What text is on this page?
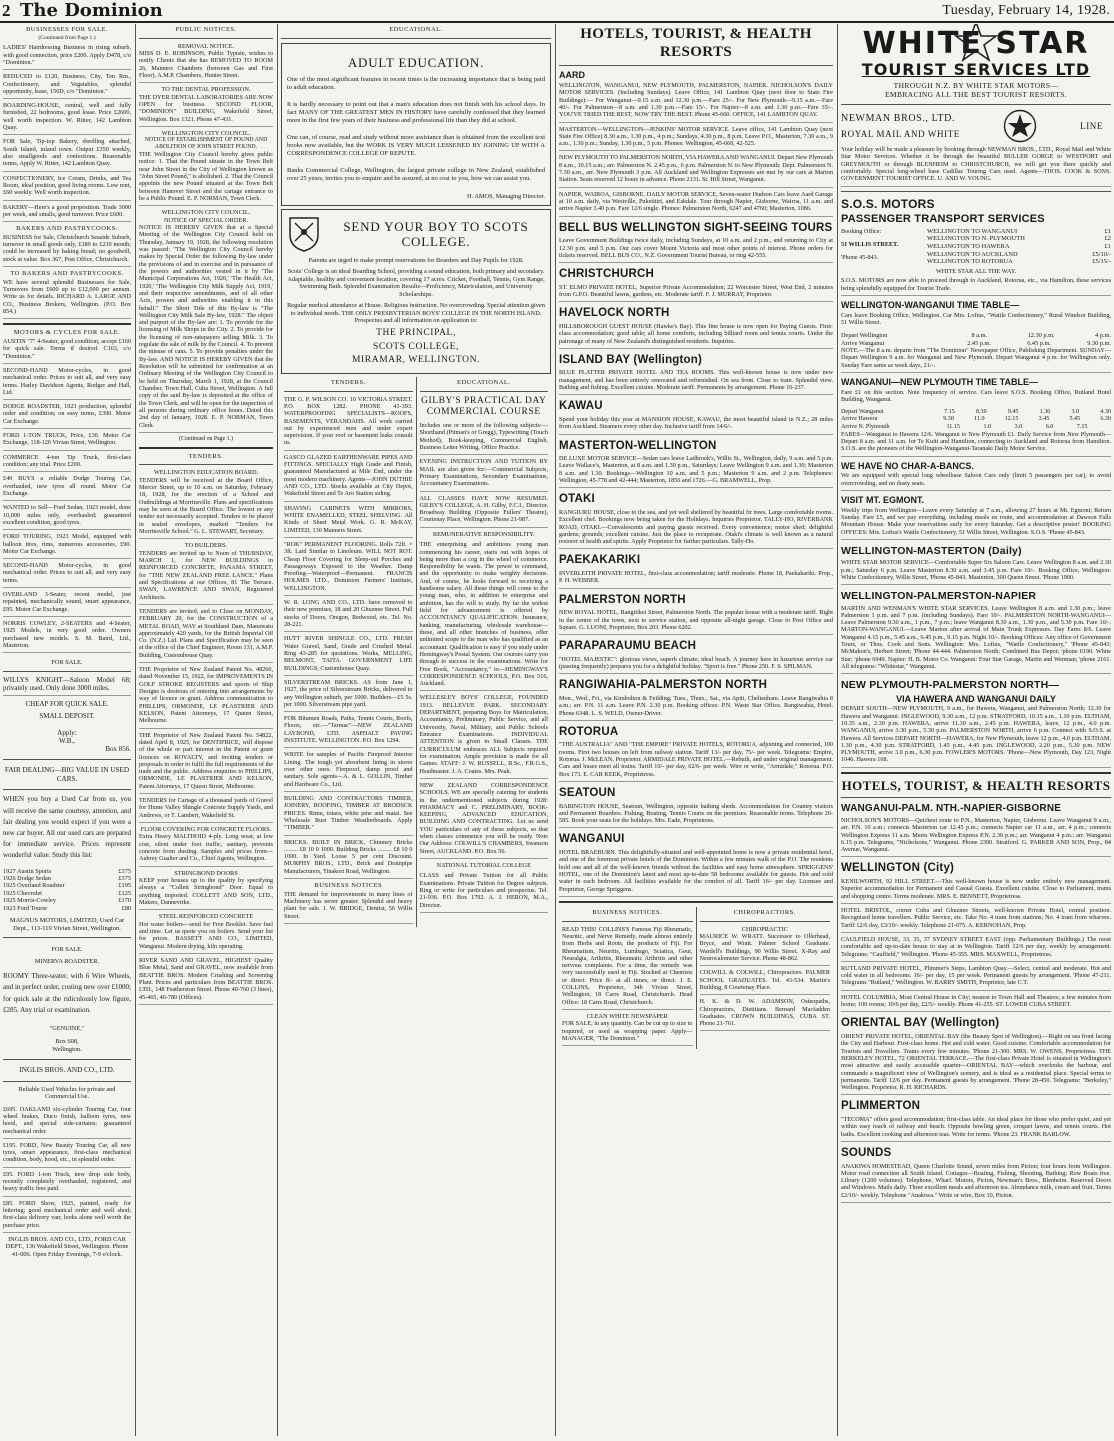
2 The Dominion	Tuesday, February 14, 1928.
BUSINESSES FOR SALE.
(Continued from Page 1.)
LADIES' Hairdressing Business in rising suburb, with good connection, price £200. Apply D478, c/o "Dominion."
REDUCED to £120, Business, City, Ten Rm., Confectionery, and Vegetables, splendid opportunity, lease, 156D, c/o "Dominion."
BOARDING-HOUSE, central, well and fully furnished, 22 bedrooms, good lease. Price £2600, well worth inspection. W. Ritter, 142 Lambton Quay.
FOR Sale, Tip-top Bakery, dwelling attached, South Island, inland town. Output £350 weekly, also smallgoods and confections. Reasonable terms, Apply W. Ritter, 142 Lambton Quay.
CONFECTIONERY, Ice Cream, Drinks, and Tea Room, ideal position, good living rooms. Low rent, £60 weekly. Well worth inspection.
BAKERY—Here's a good proposition. Trade 3000 per week, and smalls, good turnover. Price £600.
BAKERS AND PASTRYCOOKS.
BUSINESS for Sale, Christchurch Seaside Suburb, turnover in small goods only, £180 to £230 month; could be increased by baking bread; no goodwill, stock at value. Box 367, Post Office, Christchurch.
TO BAKERS AND PASTRYCOOKS.
WE have several splendid Businesses for Sale, Turnovers from £600 up to £12,000 per annum. Write us for details. RICHARD A. LARGE AND CO., Business Brokers, Wellington. (P.O. Box 854.)
MOTORS & CYCLES FOR SALE.
AUSTIN "7" 4-Seater, good condition, accept £160 for quick sale. Terms if desired. C163, c/o "Dominion."
SECOND-HAND Motor-cycles, in good mechanical order. Prices to suit all, and very easy terms. Harley Davidson Agents, Rodger and Hall, Ltd.
DODGE ROADSTER, 1923 production, splendid order and condition; on easy terms, £390. Motor Car Exchange.
FORD 1-TON TRUCK, Price, £30. Motor Car Exchange, 118-120 Vivian Street, Wellington.
COMMERCE 4-ton Tip Truck, first-class condition; any trial. Price £200.
£40 BUYS a reliable Dodge Touring Car, overhauled, new tyres all round. Motor Car Exchange.
WANTED to Sell—Ford Sedan, 1923 model, done 10,000 miles only, overhauled; guaranteed excellent condition, good tyres.
FORD TOURING, 1923 Model, equipped with balloon tires, rims, numerous accessories, £90. Motor Car Exchange.
SECOND-HAND Motor-cycles, in good mechanical order. Prices to suit all, and very easy terms.
OVERLAND 3-Seater, recent model, just repainted, mechanically sound, smart appearance, £95. Motor Car Exchange.
NORRIS COWLEY, 2-SEATERS and 4-Seater, 1925 Models, in very good order. Owners purchased new models. S. M. Baird, Ltd., Masterton.
FOR SALE.
WILLYS KNIGHT—Saloon Model 68; privately used. Only done 3000 miles.
CHEAP FOR QUICK SALE.
SMALL DEPOSIT.
Apply:
W.B.,
Box 856.
FAIR DEALING—BIG VALUE IN USED CARS.
WHEN you buy a Used Car from us, you will receive the same courtesy, attention, and fair dealing you would expect if you were a new car buyer. All our used cars are prepared for immediate service. Prices represent wonderful value. Study this list:
1927 Austin Sports	£375
1926 Dodge Sedan	£375
1925 Overland Roadster	£195
1925 Chevrolet	£125
1925 Morris-Cowley	£170
1923 Ford Tourer	£80
MAGNUS MOTORS, LIMITED, Used Car Dept., 113-119 Vivian Street, Wellington.
FOR SALE.
MINERVA ROADSTER.
ROOMY Three-seater, with 6 Wire Wheels, and in perfect order, costing new over £1000; for quick sale at the ridiculously low figure, £285. Any trial or examination.
"GENUINE,"
Box 608,
Wellington.
INGLIS BROS. AND CO., LTD.
Reliable Used Vehicles for private and Commercial Use.
£695. OAKLAND six-cylinder Touring Car, four wheel brakes, Duco finish, balloon tyres, new hood, and special side-curtains; guaranteed mechanical order.
£195. FORD, New Beauty Touring Car, all new tyres, smart appearance, first-class mechanical condition, body, hood, etc., in splendid order.
£95. FORD 1-ton Truck, new drop side body, recently completely overhauled, registered, and heavy traffic fees paid.
£85. FORD Show, 1925, painted, ready for lettering; good mechanical order and well shod; first-class delivery van; looks alone well worth the purchase price.
INGLIS BROS. AND CO., LTD., FORD CAR DEPT., 136 Wakefield Street, Wellington. Phone 41-006. Open Friday Evenings, 7-9 o'clock.
PUBLIC NOTICES.
REMOVAL NOTICE.
MISS D. E. ROBINSON, Public Typiste, wishes to notify Clients that she has REMOVED TO ROOM 26, Manners Chambers (between Gas and First Floor), A.M.P. Chambers, Hunter Street.
TO THE DENTAL PROFESSION.
THE DYER DENTAL LABORATORIES ARE NOW OPEN for business. SECOND FLOOR, "DOMINION" BUILDING, Wakefield Street, Wellington. Box 1321. Phone 47-431.
WELLINGTON CITY COUNCIL.
NOTICE OF ESTABLISHMENT OF POUND AND ABOLITION OF JOHN STREET POUND.
THE Wellington City Council hereby gives public notice: 1. That the Pound situate in the Town Belt near John Street in the City of Wellington known as "John Street Pound," is abolished. 2. That the Council appoints the new Pound situated at the Town Belt between Hanover Street and the cartage entrance to be a Public Pound. E. P. NORMAN, Town Clerk.
WELLINGTON CITY COUNCIL.
NOTICE OF SPECIAL ORDER.
NOTICE IS HEREBY GIVEN that at a Special Meeting of the Wellington City Council held on Thursday, January 19, 1928, the following resolution was passed: "The Wellington City Council hereby makes by Special Order the following By-law under the provisions of and in exercise and in pursuance of the powers and authorities vested in it by 'The Municipal Corporations Act, 1920,' 'The Health Act, 1920,' 'The Wellington City Milk Supply Act, 1919,' and their respective amendments, and of all other Acts, powers and authorities enabling it in this behalf." The Short Title of this By-law is "The Wellington City Milk Sale By-law, 1928." The object and purport of the By-law are: 1. To provide for the licensing of Milk Shops in the City. 2. To provide for the licensing of non-ratepayers selling Milk. 3. To regulate the sale of milk by the Council. 4. To prevent the misuse of cans. 5. To provide penalties under the By-law. AND NOTICE IS HEREBY GIVEN that the Resolution will be submitted for confirmation at an Ordinary Meeting of the Wellington City Council to be held on Thursday, March 1, 1928, at the Council Chamber, Town Hall, Cuba Street, Wellington. A full copy of the said By-law is deposited at the office of the Town Clerk, and will be open for the inspection of all persons during ordinary office hours. Dated this 2nd day of January, 1928. E. P. NORMAN, Town Clerk.
(Continued on Page 1.)
TENDERS.
WELLINGTON EDUCATION BOARD.
TENDERS will be received at the Board Office, Mercer Street, up to 10 a.m. on Saturday, February 18, 1928, for the erection of a School and Outbuildings at Morrinsville. Plans and specifications may be seen at the Board Office. The lowest or any tender not necessarily accepted. Tenders to be placed in sealed envelopes, marked "Tenders for Morrinsville School." G. L. STEWART, Secretary.
TO BUILDERS.
TENDERS are invited up to Noon of THURSDAY, MARCH 1, for NEW BUILDINGS in REINFORCED CONCRETE, PANAMA STREET, for "THE NEW ZEALAND FREE LANCE." Plans and Specifications at our Offices, 81 The Terrace. SWAN, LAWRENCE AND SWAN, Registered Architects.
TENDERS are invited, and to Close on MONDAY, FEBRUARY 20, for the CONSTRUCTION of a METAL ROAD, WAY at Southland Dam, Manawatu approximately 420 yards, for the British Imperial Oil Co. (N.Z.) Ltd. Plans and Specification may be seen at the office of the Chief Engineer, Room 131, A.M.P. Building, Customhouse Quay.
THE Proprietor of New Zealand Patent No. 48260, dated November 15, 1922, for IMPROVEMENTS IN GOLF STROKE REGISTERS and sports of Ship Designs is desirous of entering into arrangements by way of licence or grant. Address communication to PHILLIPS, ORMONDE, LE PLASTRIER AND KELSON, Patent Attorneys, 17 Queen Street, Melbourne.
THE Proprietor of New Zealand Patent No. 54822, dated April 8, 1925, for DENTIFRICE, will dispose of the whole or part interest in the Patent or grant licences on ROYALTY, and inviting tenders or proposals in order to fulfil the full requirements of the trade and the public. Address enquiries to PHILLIPS, ORMONDE, LE PLASTRIER AND KELSON, Patent Attorneys, 17 Queen Street, Melbourne.
TENDERS for Cartage of a thousand yards of Gravel for Hume Valley Shingle Concrete Supply Yards, and Andrews, or T. Lambert, Wakefield St.
FLOOR COVERING FOR CONCRETE FLOORS.
Extra Heavy MALTHOID 4-ply. Long wear, at low cost, silent under foot traffic, sanitary, prevents concrete from dusting. Samples and prices from—Aubrey Gualter and Co., Chief Agents, Wellington.
STRINGBOND DOORS
KEEP your houses up to the quality by specifying always a "Collett Stringbond" Door. Equal to anything imported. COLLETT AND SON, LTD., Makers, Dannevirke.
STEEL REINFORCED CONCRETE
Hot water boilers—send for Free Booklet. Save fuel and time. Let us quote you on boilers. Send your list for prices. BASSETT AND CO., LIMITED, Wanganui. Modern drying, kiln operating.
RIVER SAND AND GRAVEL, HIGHEST Quality Blue Metal, Sand and GRAVEL, now available from BEATTIE BROS. Modern Crushing and Screening Plant. Prices and particulars from BEATTIE BROS. LTD., 148 Featherston Street. Phone 40-760 (3 lines), 45-465, 46-780 (Offices).
EDUCATIONAL.
ADULT EDUCATION.

One of the most significant features in recent times is the increasing importance that is being paid to adult education.

It is hardly necessary to point out that a man's education does not finish with his school days. In fact MANY OF THE GREATEST MEN IN HISTORY have carefully confessed that they learned more in the first few years of their business and professional life than they did at school.

One can, of course, read and study without more assistance than is obtained from the excellent text books now available, but the WORK IS VERY MUCH LESSENED BY JOINING UP WITH A CORRESPONDENCE COLLEGE OF REPUTE.

Banks Commercial College, Wellington, the largest private college in New Zealand, established over 25 years, invites you to enquire and be assured, at no cost to you, how we can assist you.

H. AMOS, Managing Director.
SEND YOUR BOY TO SCOTS COLLEGE.
Parents are urged to make prompt reservations for Boarders and Day Pupils for 1928.
Scots' College is an ideal Boarding School, providing a sound education, both primary and secondary. Adaptable, healthy and convenient location, covering 17 acres. Cricket, Football, Tennis, Gym Range, Swimming Bath. Splendid Examination Results—Proficiency, Matriculation, and University Scholarships.
Regular medical attendance at House. Religious instruction. No overcrowding. Special attention given to individual needs. THE ONLY PRESBYTERIAN BOYS' COLLEGE IN THE NORTH ISLAND. Prospectus and all information on application to:
THE PRINCIPAL,
SCOTS COLLEGE,
MIRAMAR, WELLINGTON.
TENDERS.
THE G. P. WILSON CO. 10 VICTORIA STREET. P.O. BOX 1282. PHONE 41-393. WATERPROOFING SPECIALISTS—ROOFS, BASEMENTS, VERANDAHS. All work carried out by experienced men and under expert supervision. If your roof or basement leaks consult us.
GASCO GLAZED EARTHENWARE PIPES AND FITTINGS. SPECIALLY High Grade and Finish, guaranteed Manufactured at Mile End, under the most modern machinery. Agents—JOHN DUTHIE AND CO., LTD. Stocks available at City Depot, Wakefield Street and Te Aro Station siding.
SHAVING CABINETS WITH MIRRORS, WHITE ENAMELLED, STEEL SHELVING. All Kinds of Sheet Metal Work. G. R. McKAY, LIMITED, 130 Manners Street.
"ROK" PERMANENT FLOORING. Rolls 72ft. × 3ft. Laid Similar to Linoleum. WILL NOT ROT. Cheap Floor Covering for Sleep-out Porches and Passageways Exposed to the Weather. Damp Proofing—Waterproof—Permanent. FRANCIS HOLMES LTD., Dominion Farmers' Institute, WELLINGTON.
W. R. LONG AND CO., LTD. have removed to their new premises, 18 and 20 Ghuznee Street. Full stocks of Doors, Oregon, Redwood, etc. Tel. No. 28-221.
HUTT RIVER SHINGLE CO., LTD. FRESH Water Gravel, Sand, Grade and Crushed Metal. Ring 43-285 for quotations. Works, MELLING, BELMONT, TAITA. GOVERNMENT LIFE BUILDINGS, Customhouse Quay.
SILVERSTREAM BRICKS. AS from June 1, 1927, the price of Silverstream Bricks, delivered to any Wellington suburb, per 1000. Builders—£5 5s. per 1000. Silverstream pipe yard.
FOR Bitumen Roads, Paths, Tennis Courts, Roofs, Floors, etc.—"Tarmac"—NEW ZEALAND LAYBOND, LTD. ASPHALT PAVING INSTITUTE. WELLINGTON. P.O. Box 1294.
WRITE for samples of Pacific Fireproof Interior Lining. The tough yet absorbent lining in stores over other ones. Fireproof, damp proof and sanitary. Sole agents—A. & L. GOLLIN, Timber and Hardware Co., Ltd.
BUILDING AND CONTRACTORS TIMBER, JOINERY, ROOFING, TIMBER AT BRODSCK PRICES. Rimu, totara, white pine and matai. See Wholesale Rust Timber Weatherboards. Apply "TIMBER."
BRICKS. BUILT IN BRICK. Chimney Bricks ......... £8 10 0 1000. Building Bricks ......... £8 10 0 1000. In Yard. Loose 5 per cent Discount. MURPHY BROS., LTD., Brick and Drainpipe Manufacturers, Tinakori Road, Wellington.
BUSINESS NOTICES
THE demand for improvements in many lines of Machinery has never greater. Splendid and heavy plant for sale. J. W. BRIDGE, Dentist, 56 Willis Street.
EDUCATIONAL.
GILBY'S PRACTICAL DAY COMMERCIAL COURSE
Includes one or more of the following subjects:—Shorthand (Pitman's or Gregg), Typewriting (Touch Method), Book-keeping, Commercial English, Business Letter Writing, Office Practice.
EVENING INSTRUCTION AND TUITION BY MAIL are also given for:—Commercial Subjects, Primary Examinations, Secondary Examinations, Accountancy Examinations.
ALL CLASSES HAVE NOW RESUMED. GILBY'S COLLEGE, A. H. Gilby, F.C.I., Director. Broadway Building (Opposite Fullers' Theatre), Courtenay Place, Wellington. Phone 21-987.
REMUNERATIVE RESPONSIBILITY.
THE enterprising and ambitious young man commencing his career, starts out with hopes of being more than a cog in the wheel of commerce. Responsibility he wants. The power to command, and the opportunity to make weighty decisions. And, of course, he looks forward to receiving a handsome salary. All these things will come to the young man, who, in addition to enterprise and ambition, has the will to study. By far the widest field for advancement is offered by ACCOUNTANCY QUALIFICATION. Insurance, banking, manufacturing, wholesale warehouse—these, and all other branches of business, offer unlimited scope to the man who has qualified as an accountant. Qualification is easy if you study under Hemingway's Postal System. Our courses carry you through to success in the examinations. Write for Free Book, "Accountancy," to—HEMINGWAY'S CORRESPONDENCE SCHOOLS, P.O. Box 516, Auckland.
WELLESLEY BOYS' COLLEGE, FOUNDED 1913. BELLEVUE PARK. SECONDARY DEPARTMENT, preparing Boys for Matriculation, Accountancy, Preliminary, Public Service, and all University, Naval, Military, and Public Schools Entrance Examinations. INDIVIDUAL ATTENTION is given in Small Classes. THE CURRICULUM embraces ALL Subjects required for examination. Ample provision is made for all Games. STAFF: J. W. RUSSELL, B.Sc., F.R.G.S., Headmaster. J. A. Coates. Mrs. Peak.
NEW ZEALAND CORRESPONDENCE SCHOOLS. WE are specially catering for students in the undermentioned subjects during 1928: PHARMACY and C. PRELIMINARY, BOOK-KEEPING, ADVANCED EDUCATION, BUILDING AND CONTRACTING. Let us send YOU particulars of any of these subjects, so that when classes commence you will be ready. Note Our Address: COLWILL'S CHAMBERS, Swanson Street, AUCKLAND. P.O. Box 56.
NATIONAL TUTORIAL COLLEGE
CLASS and Private Tuition for all Public Examinations. Private Tuition for Degree subjects. Ring or write for particulars and prospectus. Tel. 21-936. P.O. Box 1792. A. J. HERON, M.A., Director.
HOTELS, TOURIST, & HEALTH RESORTS
AARD
WELLINGTON, WANGANUI, NEW PLYMOUTH, PALMERSTON, NAPIER. NICHOLSON'S DAILY MOTOR SERVICES. (Including Sundays). Leave Office, 141 Lambton Quay (next door to State Fire Buildings):— For Wanganui—9.15 a.m. and 12.30 p.m.—Fare 25/-. For New Plymouth—9.15 a.m.—Fare 40/-. For Palmerston—8 a.m. and 1.30 p.m.—Fare 15/-. For Napier—8 a.m. and 1.30 p.m.—Fare 35/-. YOU'VE TRIED THE REST, NOW TRY THE BEST. Phone 45-660. OFFICE, 141 LAMBTON QUAY.
MASTERTON—WELLINGTON—JENKINS' MOTOR SERVICE. Leave office, 141 Lambton Quay (next State Fire Office) 8.30 a.m., 1.30 p.m., 4 p.m.; Sundays, 4.30 p.m., 8 p.m. Leave P.O., Masterton, 7.30 a.m., 9 a.m., 1.30 p.m.; Sunday, 1.30 p.m., 5 p.m. Phones: Wellington, 45-660, 42-525.
NEW PLYMOUTH TO PALMERSTON NORTH, VIA HAWERA AND WANGANUI. Depart New Plymouth 8 a.m., 10.15 a.m.; arr. Palmerston N. 2.45 p.m., 6 p.m. Palmerston N. to New Plymouth: Dept. Palmerston N. 7.30 a.m., arr. New Plymouth 3 p.m. All Auckland and Wellington Expresses are met by our cars at Marton Station. Seats reserved 12 hours in advance. Phone 2131. St. Hill Street, Wanganui.
NAPIER, WAIROA, GISBORNE. DAILY MOTOR SERVICE, Seven-seater Hudson Cars leave Aard Garage at 10 a.m. daily, via Westville, Puketitiri, and Eskdale. Tour through Napier, Gisborne, Wairoa, 11 a.m. and arrive Napier 3.40 p.m. Fare 12/6 single. Phones: Palmerston North, 6247 and 4760; Masterton, 1086.
BELL BUS WELLINGTON SIGHT-SEEING TOURS
Leave Government Buildings twice daily, including Sundays, at 10 a.m. and 2 p.m., and returning to City at 12.30 p.m. and 5 p.m. Our cars cover Mount Victoria and most other points of interest. Phone orders for tickets reserved. BELL BUS CO., N.Z. Government Tourist Bureau, or ring 42-555.
CHRISTCHURCH
ST. ELMO PRIVATE HOTEL, Superior Private Accommodation; 22 Worcester Street, West End, 2 minutes from G.P.O. Beautiful lawns, gardens, etc. Moderate tariff. F. J. MURRAY, Proprietor.
HAVELOCK NORTH
HILLSBOROUGH GUEST HOUSE (Hawke's Bay). This fine house is now open for Paying Guests. First-class accommodation; good table; all home comforts, including billiard room and tennis courts. Under the patronage of many of New Zealand's distinguished residents. Inquiries.
ISLAND BAY (Wellington)
BLUE PLATTER PRIVATE HOTEL AND TEA ROOMS. This well-known house is now under new management, and has been entirely renovated and refurnished. On sea front. Close to tram. Splendid view. Bathing and fishing. Excellent cuisine. Moderate tariff. Permanents by arrangement. Phone 16-237.
KAWAU
Spend your holiday this year at MANSION HOUSE, KAWAU, the most beautiful island in N.Z.; 28 miles from Auckland. Steamers every other day. Inclusive tariff from 14/6/-.
MASTERTON-WELLINGTON
DE LUXE MOTOR SERVICE—Sedan cars leave Ladbrook's, Willis St., Wellington, daily, 9 a.m. and 5 p.m. Leave Wallace's, Masterton, at 8 a.m. and 1.30 p.m., Saturdays; Leave Wellington 9 a.m. and 1.30; Masterton 8 a.m. and 1.30. Bookings—Wellington 10 a.m. and 5 p.m.; Masterton 9 a.m. and 2 p.m. Telephones: Wellington, 45-778 and 42-444; Masterton, 1856 and 1726.—G. BRAMWELL, Prop.
OTAKI
RANGIURU HOUSE, close to the sea, and yet well sheltered by beautiful fir trees. Large comfortable rooms. Excellent chef. Bookings now being taken for the Holidays. Inquiries Proprietor. TALLY-HO, RIVERBANK ROAD, OTAKI.—Convalescents and paying guests received. Every convenience; motor shed; delightful gardens; grounds; excellent cuisine. Just the place to recuperate. Otaki's climate is well known as a natural restorer of health and spirits. Apply Proprietor for further particulars. Tally-Ho.
PAEKAKARIKI
INVERLEITH PRIVATE HOTEL, first-class accommodation; tariff moderate. Phone 18, Paekakariki. Prop., P. H. WEBBER.
PALMERSTON NORTH
NEW ROYAL HOTEL, Rangitikei Street, Palmerston North. The popular house with a moderate tariff. Right in the centre of the town, next to service station, and opposite all-night garage. Close to Post Office and Square. G. LUONI, Proprietor, Box 203. Phone 6202.
PARAPARAUMU BEACH
"HOTEL MAJESTIC": glorious views, superb climate; ideal beach. A journey here in luxurious service car (passing frequently) prepares you for a delightful holiday. "Sport is free." Phone 250. F. S. SPILMAN.
RANGIWAHIA-PALMERSTON NORTH
Mon., Wed., Fri., via Kimbolton & Feilding; Tues., Thurs., Sat., via Apiti, Cheltenham. Leave Rangiwahia 8 a.m.; arr. P.N. 11 a.m. Leave P.N. 2.30 p.m. Booking offices: P.N. Waste Star Office. Rangiwahia, Hotel. Phone 6348. L. S. WELD, Owner-Driver.
ROTORUA
"THE AUSTRALIA" AND "THE EMPIRE" PRIVATE HOTELS, ROTORUA, adjoining and connected, 100 rooms. First two houses on left from railway station. Tariff 13/- per day, 75/- per week. Telegrams: Empire, Rotorua. J. McLEAN, Proprietor. ARMIDALE PRIVATE HOTEL.—Rebuilt, and under original management. Cars and buses meet all trains. Tariff 10/- per day, 62/6- per week. Wire or write, "Armidale," Rotorua. P.O. Box 173. E. CAR KEEK, Proprietress.
SEATOUN
BABINGTON HOUSE, Seatoun, Wellington, opposite bathing sheds. Accommodation for Country visitors and Permanent Boarders. Fishing, Boating, Tennis Courts on the premises. Reasonable terms. Telephone 26-585. Book your seats for the holidays. Mrs. Eade, Proprietress.
WANGANUI
HOTEL BRAEBURN. This delightfully-situated and well-appointed home is now a private residential hotel, and one of the foremost private hotels of the Dominion. Within a few minutes walk of the P.O. The residents hold one and all of the well-known friends without the facilities and easy home atmosphere. SPRIGGENS' HOTEL, one of the Dominion's latest and most up-to-date 58 bedrooms available for guests. Hot and cold water in each bedroom. All facilities available for the comfort of all. Tariff 16/- per day. Licensee and Proprietor, George Spriggens.
BUSINESS NOTICES.
READ THIS! COLLINS'S Famous Fiji Rheumatic, Neuritic, and Nerve Remedy, made almost entirely from Herbs and Roots, the products of Fiji. For Rheumatism, Neuritis, Lumbago, Sciatica, Gout, Neuralgia, Arthritis, Rheumatic Arthritis and other nervous complaints. For a time, the remedy was very successfully used in Fiji. Stocked at Chemists or direct. Price 8/- at all times, or direct. J. E. COLLINS, Proprietor, 34b Vivian Street, Wellington, 18 Carrs Road, Christchurch. Head Office: 18 Carrs Road, Christchurch.
CLEAN WHITE NEWSPAPER
FOR SALE, in any quantity. Can be cut up to size to required, or used as wrapping paper. Apply— MANAGER, "The Dominion."
CHIROPRACTORS.
CHIROPRACTIC
MAURICE W. WRATT. Successor to Ollerhead, Bryce, and Wratt. Palmer School Graduate. Wardell's Buildings, 90 Willis Street. X-Ray and Neurocalometer Service. Phone 48-862.
COLWILL & COLWILL, Chiropractors. PALMER SCHOOL GRADUATES. Tel. 43-534. Martin's Building, 8 Courtenay Place.
H. K. & D. W. ADAMSON, Osteopaths, Chiropractors, Dietitians. Bernard Macfadden Graduates. CROWN BUILDINGS, CUBA ST. Phone 21-761.
WHITE STAR
TOURIST SERVICES LTD
THROUGH N.Z. BY WHITE STAR MOTORS—
EMBRACING ALL THE BEST TOURIST RESORTS.
NEWMAN BROS., LTD.
ROYAL MAIL AND WHITE
LINE
Your holiday will be made a pleasure by booking through NEWMAN BROS., LTD., Royal Mail and White Star Motor Services. Whether it be through the beautiful BULLER GORGE to WESTPORT and GREYMOUTH or through BLENHEIM to CHRISTCHURCH, we will get you there quickly and comfortably. Special long-wheel base Cadillac Touring Cars used. Agents—THOS. COOK & SONS. GOVERNMENT TOURIST OFFICE. U. AND W. YOUNG.
S.O.S. MOTORS
PASSENGER TRANSPORT SERVICES
Booking Office:
51 WILLIS STREET.
'Phone 45-843.
WELLINGTON TO WANGANUI	£1
WELLINGTON TO N. PLYMOUTH	£2
WELLINGTON TO HAWERA	£1
WELLINGTON TO AUCKLAND	£5/10/-
WELLINGTON TO ROTORUA	£5/15/-
WHITE STAR ALL THE WAY.
S.O.S. MOTORS are now able to proceed through to Auckland, Rotorua, etc., via Hamilton, these services being splendidly equipped for Tourist Trade.
WELLINGTON-WANGANUI TIME TABLE—
Cars leave Booking Office, Wellington. Car Mrs. Loftus, "Wattle Confectionery," Rural Windsor Building, 51 Willis Street.
Depart Wellington	8 a.m.	12.30 p.m.	4 p.m.
Arrive Wanganui	2.45 p.m.	6.45 p.m.	9.30 p.m.
NOTE.—The 8 a.m. departs from "The Dominion" Newspaper Office, Publishing Department. SUNDAY—Depart Wellington 9 a.m. for Wanganui and New Plymouth. Depart Wanganui 4 p.m. for Wellington only. Sunday Fare same as week days, 21/-.
WANGANUI—NEW PLYMOUTH TIME TABLE—
Fare £1 on this section. Note frequency of service. Cars leave S.O.S. Booking Office, Rutland Hotel Building, Wanganui.
Depart Wanganui	7.15	8.30	9.45	1.30	3.0	4.30
Arrive Hawera	9.30	11.0	12.15	3.45	5.45	6.30
Arrive N. Plymouth	11.15	1.0	3.0	6.0	7.15
FARES—Wanganui to Hawera 12/6. Wanganui to New Plymouth £1. Daily Service from New Plymouth—Depart 8 a.m. and 11 a.m. for Te Kuiti and Hamilton, connecting to Auckland and Rotorua from Hamilton. S.O.S. are the pioneers of the Wellington-Wanganui-Taranaki Daily Motor Service.
WE HAVE NO CHAR-A-BANCS.
We are equipped with special long wheelbase Saloon Cars only (limit 5 passengers per car), to avoid overcrowding, and no dusty seats.
VISIT MT. EGMONT.
Weekly trips from Wellington—Leave every Saturday at 7 a.m., allowing 27 hours at Mt. Egmont; Return Sunday. Fare £5, and we pay everything, including meals en route, and accommodation at Dawson Falls Mountain House. Make your reservations early for every Saturday. Get a descriptive poster! BOOKING OFFICES: Mrs. Loftus's Wattle Confectionery, 51 Willis Street, Wellington. S.O.S. 'Phone 45-843.
WELLINGTON-MASTERTON (Daily)
WHITE STAR MOTOR SERVICE—Comfortable Super Six Saloon Cars. Leave Wellington 8 a.m. and 2.30 p.m.; Saturday 6 p.m. Leave Masterton 8.30 a.m. and 3.45 p.m. Fare 10/-. Booking Office, Wellington: White Confectionery, Willis Street, 'Phone 45-843. Masterton, 300 Queen Street. 'Phone 1900.
WELLINGTON-PALMERSTON-NAPIER
MARTIN AND WENMAN'S WHITE STAR SERVICES. Leave Wellington 8 a.m. and 1.30 p.m.; leave Palmerston 1 p.m. and 7 p.m. (including Sundays). Fare 10/-. PALMERSTON NORTH-WANGANUI—Leave Palmerston 9.30 a.m., 1 p.m., 7 p.m.; leave Wanganui 8.30 a.m., 1.30 p.m., and 5.30 p.m. Fare 10/-. MARTON-WANGANUI.—Leave Marton after arrival of Main Trunk Expresses. Day Fares 8/6. Leave Wanganui 4.15 p.m., 5.45 a.m., 6.45 p.m., 9.15 p.m. Night 10/-. Booking Offices: Any office of Government Tours, or Thos. Cook and Sons. Wellington: Mrs. Loftus, "Wattle Confectionery," 'Phone 45-843; McMahon's, Herbert Street; 'Phone 44-444. Palmerston North: Combined Bus Depot; 'phone 6190. White Star; 'phone 6949. Napier: H. B. Motor Co. Wanganui: Four Star Garage, Martin and Wenman; 'phone 2161. All telegrams: "Whitestar," Wanganui.
NEW PLYMOUTH-PALMERSTON NORTH—
VIA HAWERA AND WANGANUI DAILY
DEPART SOUTH—NEW PLYMOUTH, 9 a.m., for Hawera, Wanganui, and Palmerston North; 12.30 for Hawera and Wanganui. INGLEWOOD, 9.30 a.m., 12 p.m. STRATFORD, 10.15 a.m., 1.10 p.m. ELTHAM, 10.35 a.m., 2.30 p.m. HAWERA, arrive 11.30 a.m., 2.45 p.m. HAWERA, leave, 12 p.m., 4.0 p.m. WANGANUI, arrive 3.30 p.m., 5.30 p.m. PALMERSTON NORTH, arrive 6 p.m. Connect with S.O.S. at Hawera. All Services DEPART NORTH—HAWERA, for New Plymouth, leave 12 p.m., 4.0 p.m. ELTHAM, 1.30 p.m., 4.30 p.m. STRATFORD, 1.45 p.m., 4.45 p.m. INGLEWOOD, 2.20 p.m., 5.30 p.m. NEW PLYMOUTH, arrive 3.0 p.m., 6.30 p.m. FOWLER'S MOTORS. 'Phone—New Plymouth, Day 123, Night 1046. Hawera 168.
HOTELS, TOURIST, & HEALTH RESORTS
WANGANUI-PALM. NTH.-NAPIER-GISBORNE
NICHOLSON'S MOTORS—Quickest route to P.N., Masterton, Napier, Gisborne. Leave Wanganui 9 a.m., arr. P.N. 10 a.m.; connects Masterton car 12.45 p.m.; connects Napier car 11 a.m., arr. 4 p.m.; connects Wellington Express 11 a.m. Meets Wellington Express P.N. 2.30 p.m.; arr. Wanganui 4 p.m.; arr. Wanganui 6.15 p.m. Telegrams, "Nicholsons," Wanganui. Phone 2390. Stratford. G. PARKER AND SON, Prop., 84 Avenue, Wanganui.
WELLINGTON (City)
KENILWORTH, 92 HILL STREET.—This well-known house is now under entirely new management. Superior accommodation for Permanent and Casual Guests. Excellent cuisine. Close to Parliament, trams and shopping centre. Terms moderate. MRS. E. BENNETT, Proprietress.
HOTEL BRISTOL, corner Cuba and Ghuznee Streets, well-known Private Hotel, central position. Recognised home travellers. Public Service, etc. Take No. 4 tram from stations; No. 4 tram from wharves. Tariff 12/6 day, £3/10/- weekly. Telephone 21-075. A. KERNOHAN, Prop.
CAULFIELD HOUSE, 33, 35, 37 SYDNEY STREET EAST (opp. Parliamentary Buildings.) The most comfortable and up-to-date house to stay at in Wellington. Tariff 12/6 per day, weekly by arrangement. Telegrams: "Caulfield," Wellington. 'Phone 45-355. MRS. MAXWELL, Proprietress.
RUTLAND PRIVATE HOTEL, Plimmer's Steps, Lambton Quay.—Select, central and moderate. Hot and cold water in all bedrooms. 16/- per day, 15 per week. Permanent guests by arrangement. 'Phone 47-211. Telegrams "Rutland," Wellington. W. BARRY SMITH, Proprietor, late C.T.
HOTEL COLUMBIA, Most Central House in City; nearest to Town Hall and Theatres; a few minutes from home; 100 rooms; 10/6 per day, £2/5/- weekly. Phone 41-255. ST. LOWER CUBA STREET.
ORIENTAL BAY (Wellington)
ORIENT PRIVATE HOTEL, ORIENTAL BAY (the Beauty Spot of Wellington).—Right on sea front facing the City and Harbour. First-class home. Hot and cold water. Good cuisine. Comfortable accommodation for Tourists and Travellers. Trams every few minutes. 'Phone 21-300. MRS. W. OWENS, Proprietress. THE BERKELEY HOTEL, 72 ORIENTAL TERRACE.—The first-class Private Hotel is situated in Wellington's most attractive and easily accessible quarter—ORIENTAL BAY—which overlooks the harbour, and commands a magnificent view of Wellington's scenery, and is ideal as a residential place. Special terms to permanents. Tariff 12/6 per day. Permanent guests by arrangement. 'Phone 28-450. Telegrams: "Berkeley," Wellington. Proprietor, R. H. RICHARDS.
PLIMMERTON
"TECOMA" offers good accommodation; first-class table. An ideal place for those who prefer quiet, and yet within easy reach of railway and beach. Opposite bowling green, croquet lawns, and tennis courts. Hot baths. Excellent cooking and afternoon teas. Write for terms. 'Phone 23. FRANK BARLOW.
SOUNDS
ANAKIWA HOMESTEAD, Queen Charlotte Sound, seven miles from Picton; four hours from Wellington. Motor road connection all South Island. Cottages—Boating, Fishing, Shooting, Bathing; Row Boats free. Library (1200 volumes). Telephone, Wharf. Motors, Picton, Newman's Bros., Blenheim. Reserved Doors and Windows. Mails daily. Three excellent meals and afternoon tea. Abundance milk, cream and fruit. Terms £2/10/- weekly. Telephone "Anakiwa." Write or wire, Box 10, Picton.
